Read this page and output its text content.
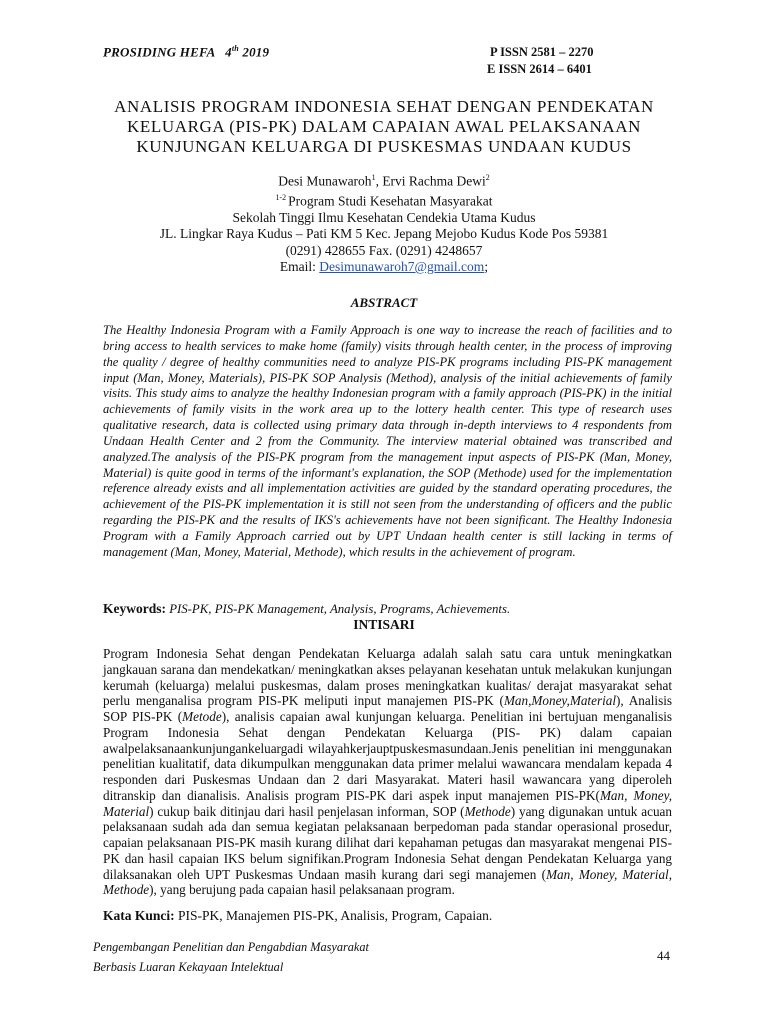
PROSIDING HEFA 4th 2019	P ISSN 2581 – 2270
E ISSN 2614 – 6401
ANALISIS PROGRAM INDONESIA SEHAT DENGAN PENDEKATAN
KELUARGA (PIS-PK) DALAM CAPAIAN AWAL PELAKSANAAN
KUNJUNGAN KELUARGA DI PUSKESMAS UNDAAN KUDUS
Desi Munawaroh$^1$, Ervi Rachma Dewi$^2$
$^{1-2}$ Program Studi Kesehatan Masyarakat
Sekolah Tinggi Ilmu Kesehatan Cendekia Utama Kudus
JL. Lingkar Raya Kudus – Pati KM 5 Kec. Jepang Mejobo Kudus Kode Pos 59381
(0291) 428655 Fax. (0291) 4248657
Email: Desimunawaroh7@gmail.com;
ABSTRACT
The Healthy Indonesia Program with a Family Approach is one way to increase the reach of facilities and to bring access to health services to make home (family) visits through health center, in the process of improving the quality / degree of healthy communities need to analyze PIS-PK programs including PIS-PK management input (Man, Money, Materials), PIS-PK SOP Analysis (Method), analysis of the initial achievements of family visits. This study aims to analyze the healthy Indonesian program with a family approach (PIS-PK) in the initial achievements of family visits in the work area up to the lottery health center. This type of research uses qualitative research, data is collected using primary data through in-depth interviews to 4 respondents from Undaan Health Center and 2 from the Community. The interview material obtained was transcribed and analyzed.The analysis of the PIS-PK program from the management input aspects of PIS-PK (Man, Money, Material) is quite good in terms of the informant's explanation, the SOP (Methode) used for the implementation reference already exists and all implementation activities are guided by the standard operating procedures, the achievement of the PIS-PK implementation it is still not seen from the understanding of officers and the public regarding the PIS-PK and the results of IKS's achievements have not been significant. The Healthy Indonesia Program with a Family Approach carried out by UPT Undaan health center is still lacking in terms of management (Man, Money, Material, Methode), which results in the achievement of program.
Keywords: PIS-PK, PIS-PK Management, Analysis, Programs, Achievements.
INTISARI
Program Indonesia Sehat dengan Pendekatan Keluarga adalah salah satu cara untuk meningkatkan jangkauan sarana dan mendekatkan/ meningkatkan akses pelayanan kesehatan untuk melakukan kunjungan kerumah (keluarga) melalui puskesmas, dalam proses meningkatkan kualitas/ derajat masyarakat sehat perlu menganalisa program PIS-PK meliputi input manajemen PIS-PK (Man,Money,Material), Analisis SOP PIS-PK (Metode), analisis capaian awal kunjungan keluarga. Penelitian ini bertujuan menganalisis Program Indonesia Sehat dengan Pendekatan Keluarga (PIS- PK) dalam capaian awalpelaksanaankunjungankeluargadi wilayahkerjauptpuskesmasundaan.Jenis penelitian ini menggunakan penelitian kualitatif, data dikumpulkan menggunakan data primer melalui wawancara mendalam kepada 4 responden dari Puskesmas Undaan dan 2 dari Masyarakat. Materi hasil wawancara yang diperoleh ditranskip dan dianalisis. Analisis program PIS-PK dari aspek input manajemen PIS-PK(Man, Money, Material) cukup baik ditinjau dari hasil penjelasan informan, SOP (Methode) yang digunakan untuk acuan pelaksanaan sudah ada dan semua kegiatan pelaksanaan berpedoman pada standar operasional prosedur, capaian pelaksanaan PIS-PK masih kurang dilihat dari kepahaman petugas dan masyarakat mengenai PIS-PK dan hasil capaian IKS belum signifikan.Program Indonesia Sehat dengan Pendekatan Keluarga yang dilaksanakan oleh UPT Puskesmas Undaan masih kurang dari segi manajemen (Man, Money, Material, Methode), yang berujung pada capaian hasil pelaksanaan program.
Kata Kunci: PIS-PK, Manajemen PIS-PK, Analisis, Program, Capaian.
Pengembangan Penelitian dan Pengabdian Masyarakat
Berbasis Luaran Kekayaan Intelektual
44
